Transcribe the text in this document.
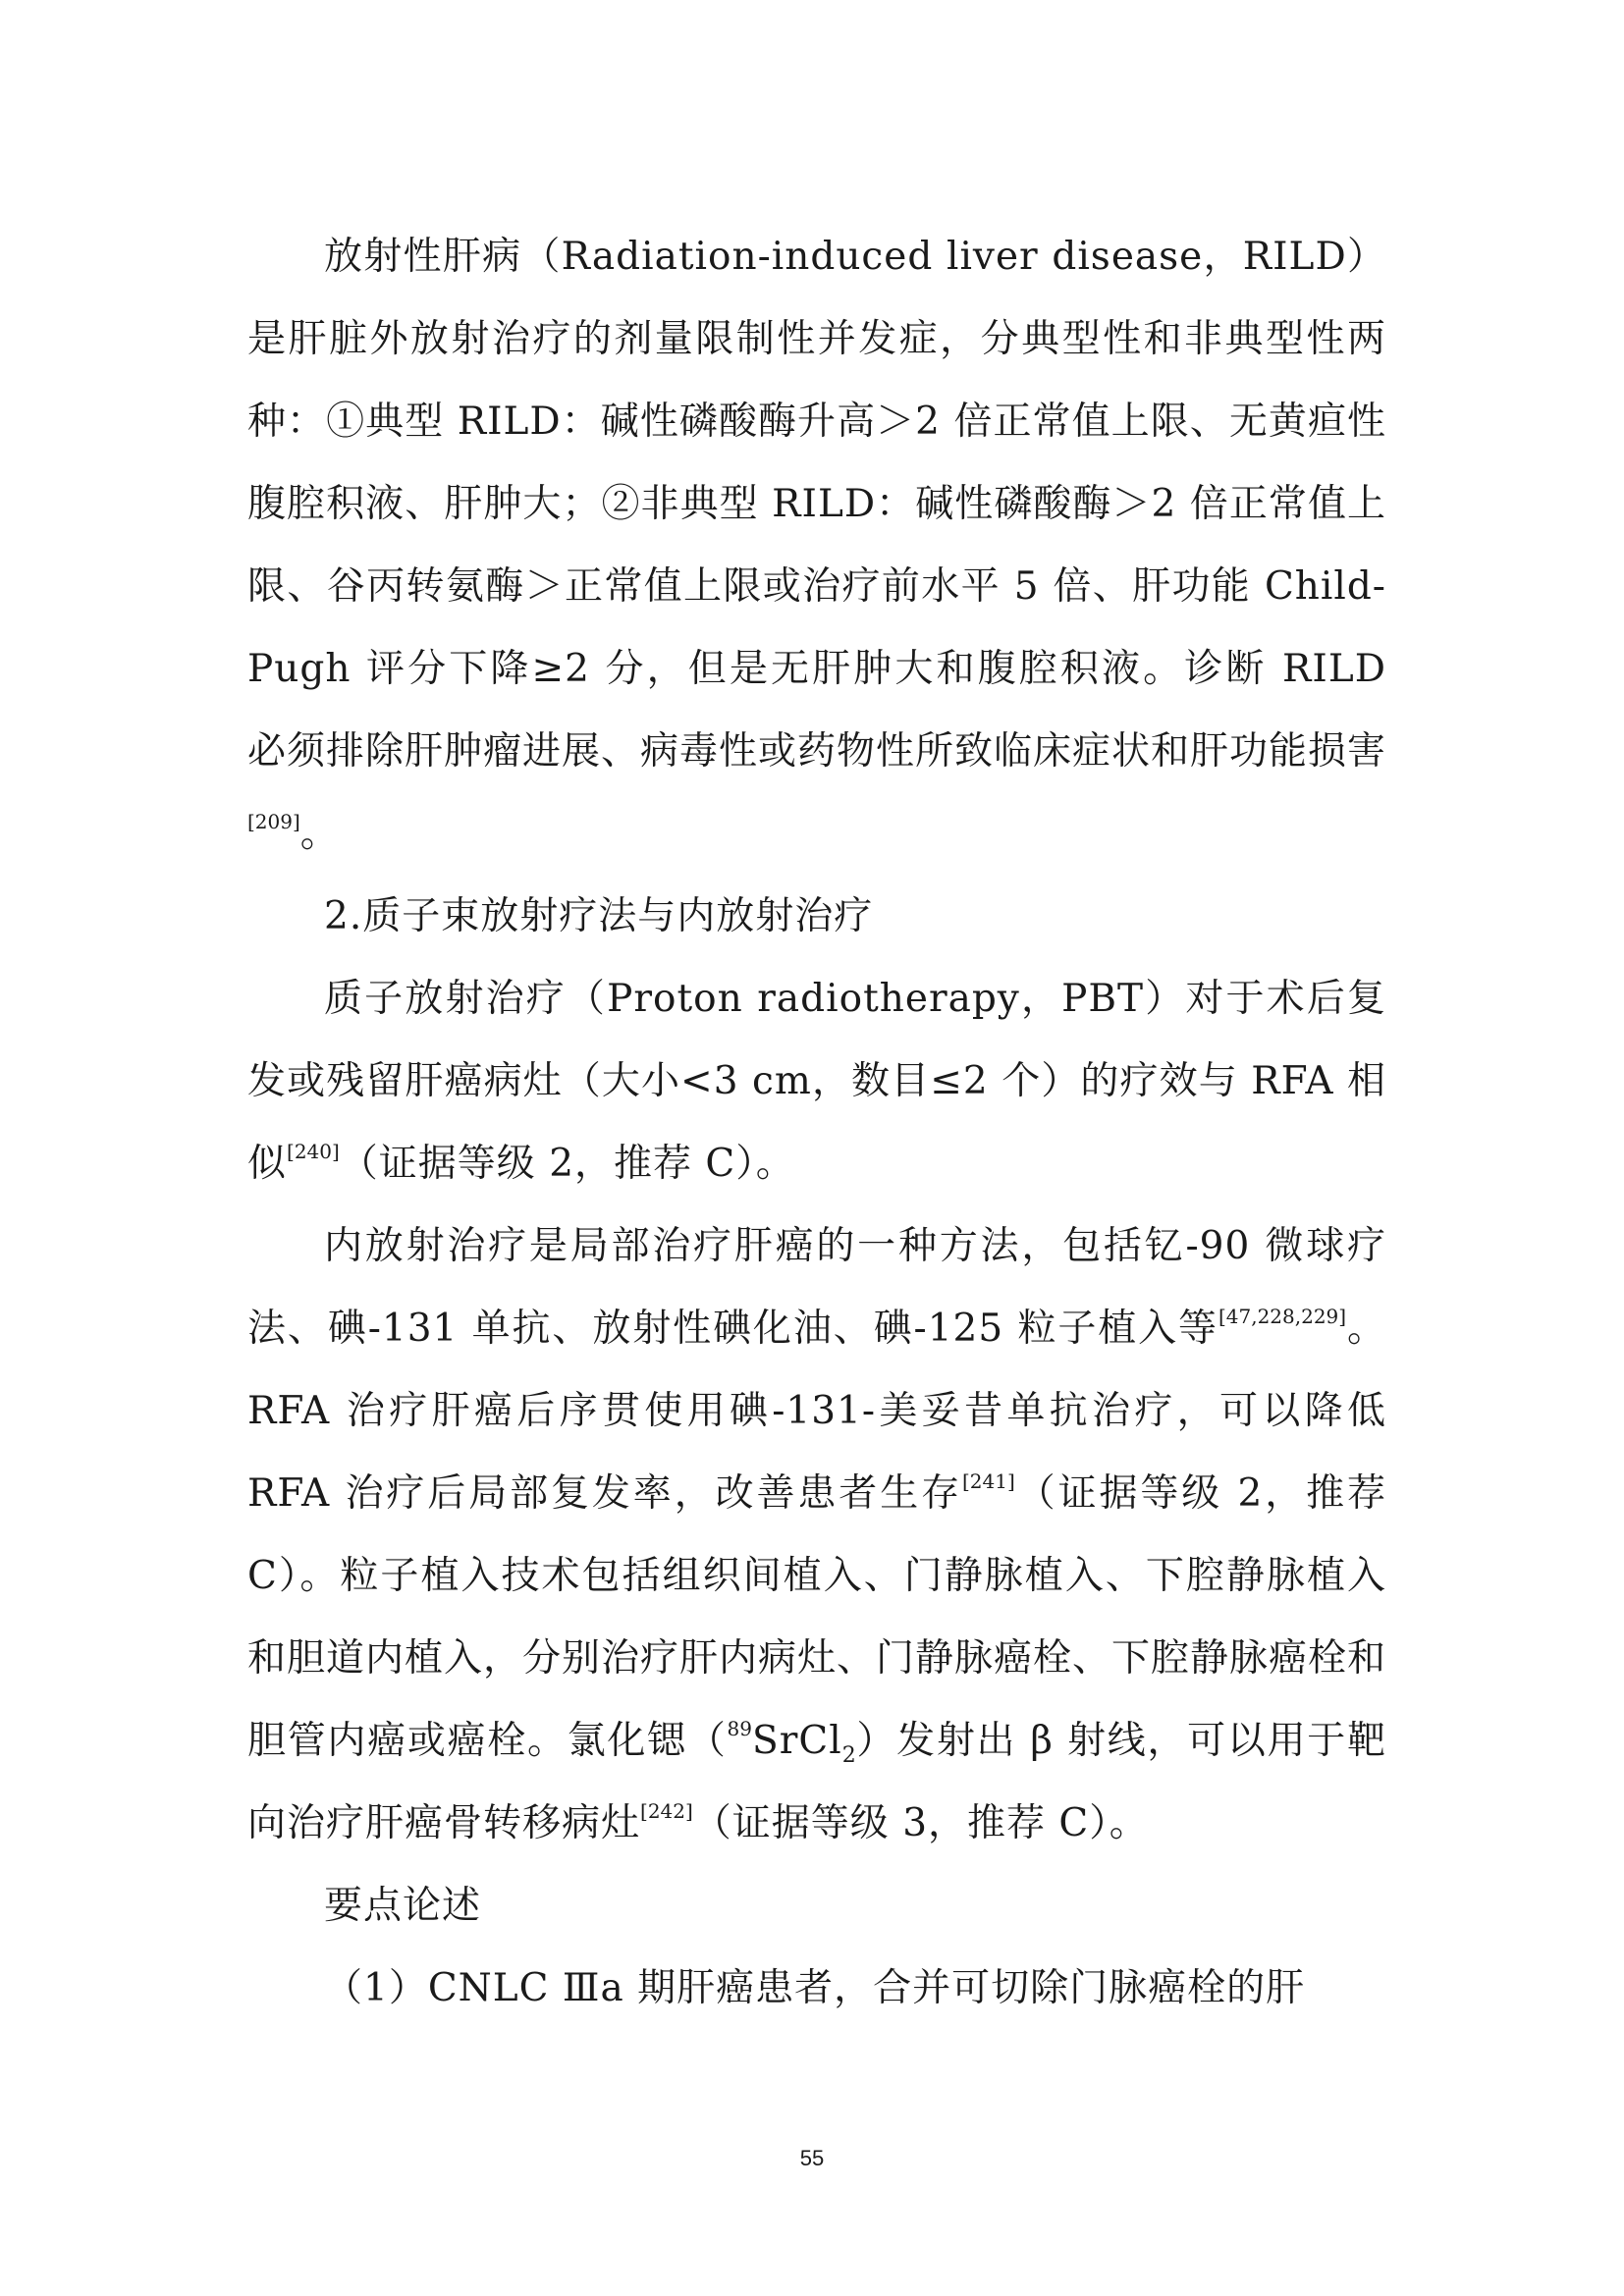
放射性肝病（Radiation-induced liver disease，RILD）是肝脏外放射治疗的剂量限制性并发症，分典型性和非典型性两种：①典型 RILD：碱性磷酸酶升高＞2 倍正常值上限、无黄疸性腹腔积液、肝肿大；②非典型 RILD：碱性磷酸酶＞2 倍正常值上限、谷丙转氨酶＞正常值上限或治疗前水平 5 倍、肝功能 Child-Pugh 评分下降≥2 分，但是无肝肿大和腹腔积液。诊断 RILD 必须排除肝肿瘤进展、病毒性或药物性所致临床症状和肝功能损害[209]。

2.质子束放射疗法与内放射治疗

质子放射治疗（Proton radiotherapy，PBT）对于术后复发或残留肝癌病灶（大小<3 cm，数目≤2 个）的疗效与 RFA 相似[240]（证据等级 2，推荐 C）。

内放射治疗是局部治疗肝癌的一种方法，包括钇-90 微球疗法、碘-131 单抗、放射性碘化油、碘-125 粒子植入等[47,228,229]。RFA 治疗肝癌后序贯使用碘-131-美妥昔单抗治疗，可以降低 RFA 治疗后局部复发率，改善患者生存[241]（证据等级 2，推荐 C）。粒子植入技术包括组织间植入、门静脉植入、下腔静脉植入和胆道内植入，分别治疗肝内病灶、门静脉癌栓、下腔静脉癌栓和胆管内癌或癌栓。氯化锶（$^{89}$SrCl$_2$）发射出 β 射线，可以用于靶向治疗肝癌骨转移病灶[242]（证据等级 3，推荐 C）。

要点论述

（1）CNLC Ⅲa 期肝癌患者，合并可切除门脉癌栓的肝

55
